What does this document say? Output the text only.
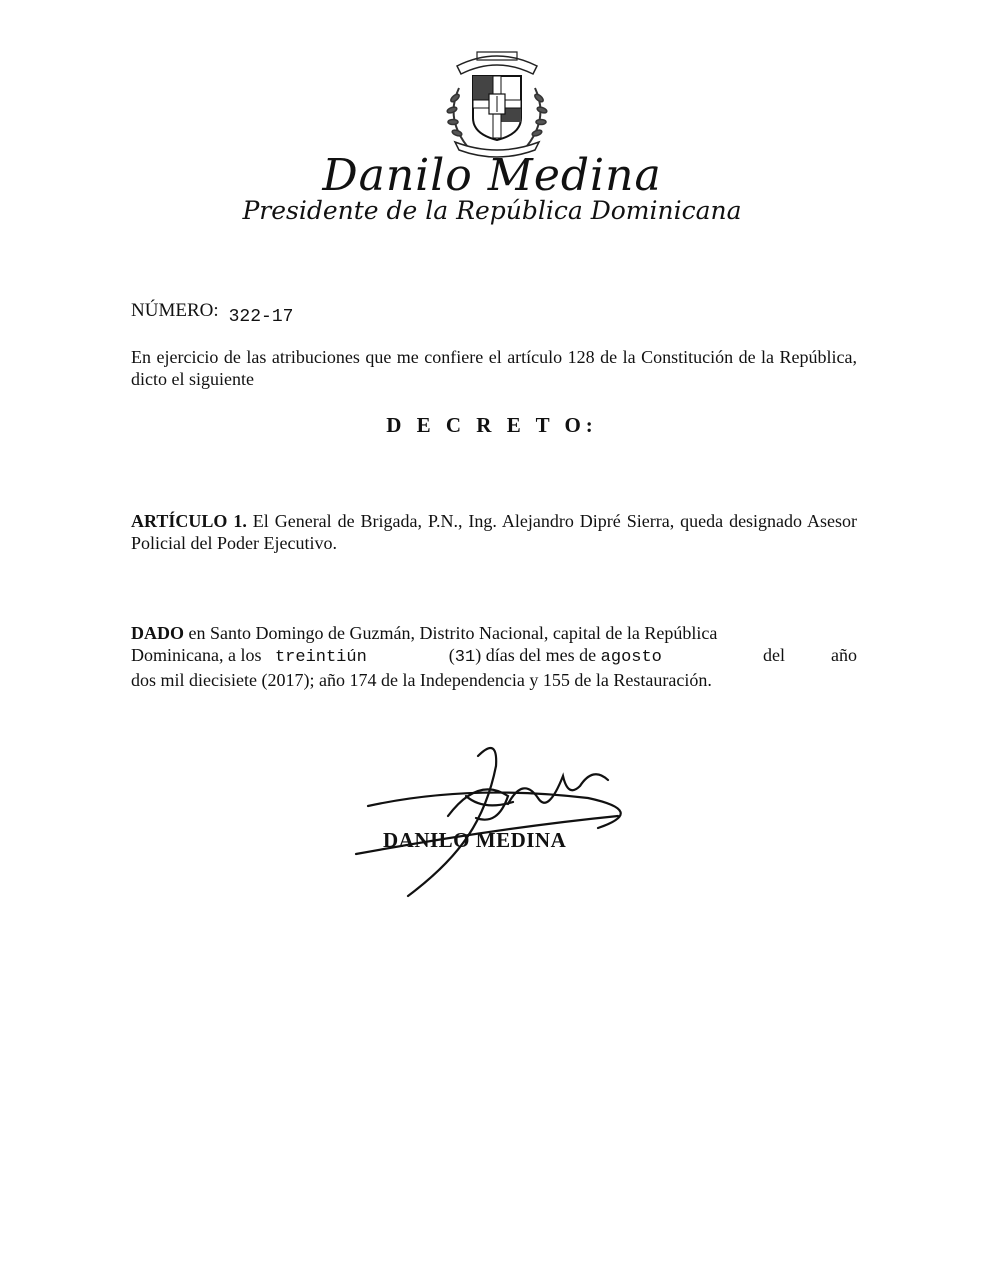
Danilo Medina
Presidente de la República Dominicana
NÚMERO: 322-17
En ejercicio de las atribuciones que me confiere el artículo 128 de la Constitución de la República, dicto el siguiente
D E C R E T O:
ARTÍCULO 1. El General de Brigada, P.N., Ing. Alejandro Dipré Sierra, queda designado Asesor Policial del Poder Ejecutivo.
DADO en Santo Domingo de Guzmán, Distrito Nacional, capital de la República
Dominicana, a los treintiún	(31) días del mes de agosto	del	año
dos mil diecisiete (2017); año 174 de la Independencia y 155 de la Restauración.
DANILO MEDINA
